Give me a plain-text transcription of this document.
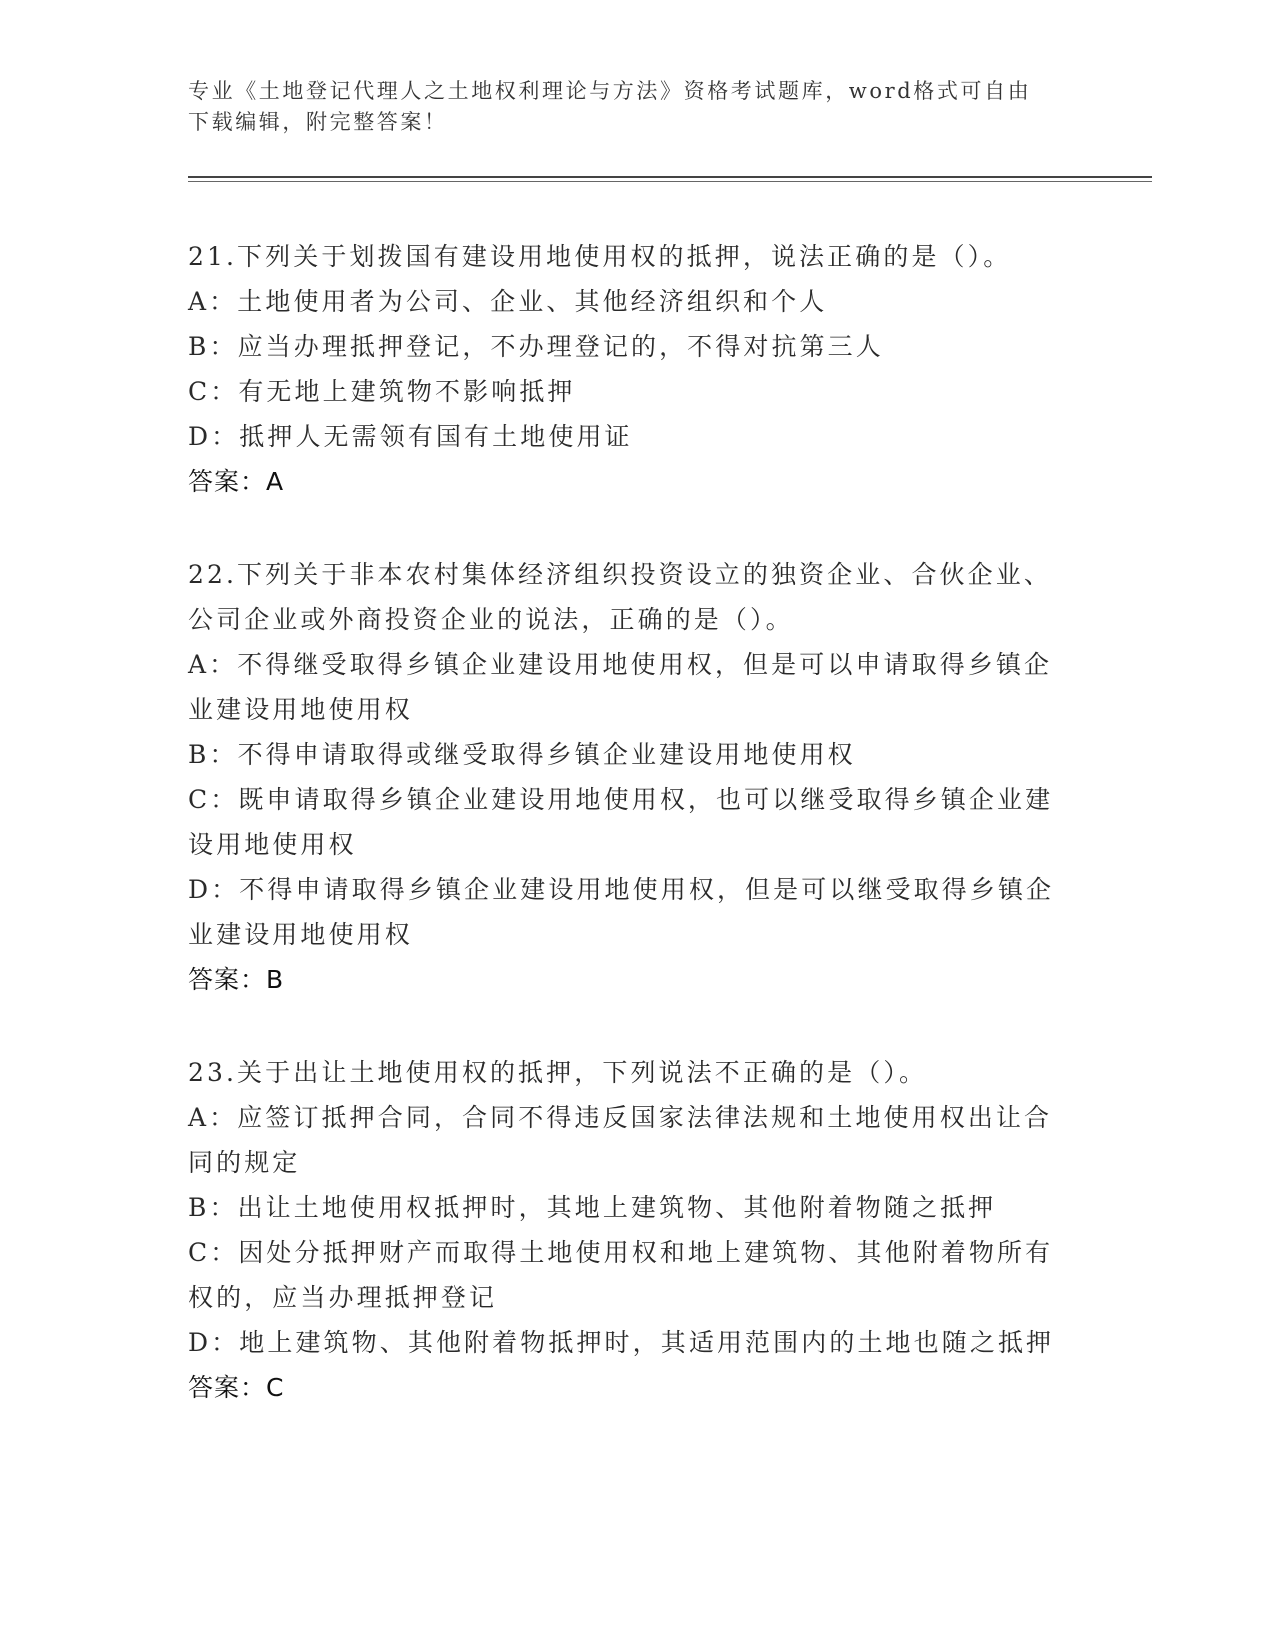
专业《土地登记代理人之土地权利理论与方法》资格考试题库，word格式可自由
下载编辑，附完整答案！
21.下列关于划拨国有建设用地使用权的抵押，说法正确的是（）。
A：土地使用者为公司、企业、其他经济组织和个人
B：应当办理抵押登记，不办理登记的，不得对抗第三人
C：有无地上建筑物不影响抵押
D：抵押人无需领有国有土地使用证
答案：A
22.下列关于非本农村集体经济组织投资设立的独资企业、合伙企业、公司企业或外商投资企业的说法，正确的是（）。
A：不得继受取得乡镇企业建设用地使用权，但是可以申请取得乡镇企业建设用地使用权
B：不得申请取得或继受取得乡镇企业建设用地使用权
C：既申请取得乡镇企业建设用地使用权，也可以继受取得乡镇企业建设用地使用权
D：不得申请取得乡镇企业建设用地使用权，但是可以继受取得乡镇企业建设用地使用权
答案：B
23.关于出让土地使用权的抵押，下列说法不正确的是（）。
A：应签订抵押合同，合同不得违反国家法律法规和土地使用权出让合同的规定
B：出让土地使用权抵押时，其地上建筑物、其他附着物随之抵押
C：因处分抵押财产而取得土地使用权和地上建筑物、其他附着物所有权的，应当办理抵押登记
D：地上建筑物、其他附着物抵押时，其适用范围内的土地也随之抵押
答案：C
